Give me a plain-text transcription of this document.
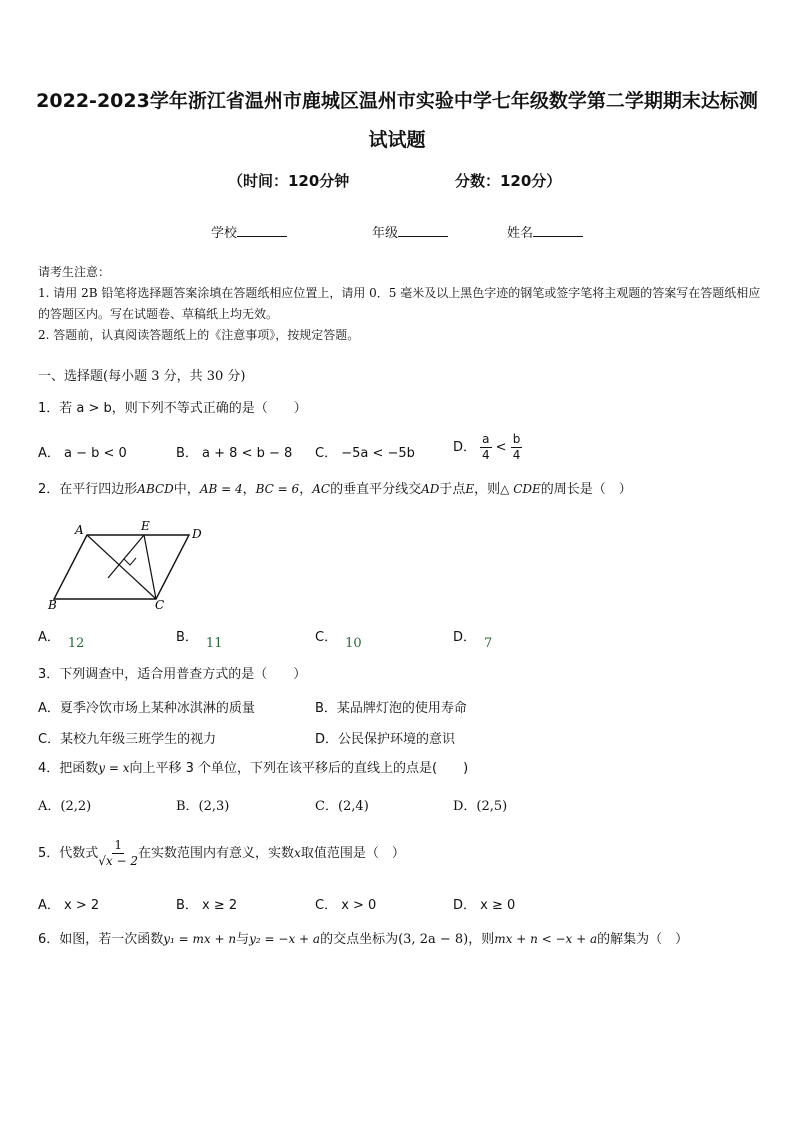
2022-2023学年浙江省温州市鹿城区温州市实验中学七年级数学第二学期期末达标测
试试题
（时间：120分钟	分数：120分）
学校	年级	姓名
请考生注意：
1. 请用 2B 铅笔将选择题答案涂填在答题纸相应位置上，请用 0．5 毫米及以上黑色字迹的钢笔或签字笔将主观题的答案写在答题纸相应的答题区内。写在试题卷、草稿纸上均无效。
2. 答题前，认真阅读答题纸上的《注意事项》，按规定答题。
一、选择题(每小题 3 分，共 30 分)
1．若 a > b，则下列不等式正确的是（　　）
A． a − b < 0	B． a + 8 < b − 8 C． −5a < −5b	D． $\frac{a}{4} < \frac{b}{4}$
2．在平行四边形ABCD中，AB = 4，BC = 6，AC的垂直平分线交AD于点E，则△ CDE的周长是（　）
A	E
D
B	C
A． 12	B． 11	C． 10	D． 7
3．下列调查中，适合用普查方式的是（　　）
A．夏季冷饮市场上某种冰淇淋的质量	B．某品牌灯泡的使用寿命
C．某校九年级三班学生的视力	D．公民保护环境的意识
4．把函数y = x向上平移 3 个单位，下列在该平移后的直线上的点是(　　)
A．(2,2)	B．(2,3)	C．(2,4)	D．(2,5)
5．代数式 $\frac{1}{√x - 2}$ 在实数范围内有意义，实数x取值范围是（　）
A． x > 2	B． x ≥ 2	C． x > 0	D． x ≥ 0
6．如图，若一次函数y₁ = mx + n与y₂ = −x + a的交点坐标为(3, 2a − 8)，则mx + n < −x + a的解集为（　）
